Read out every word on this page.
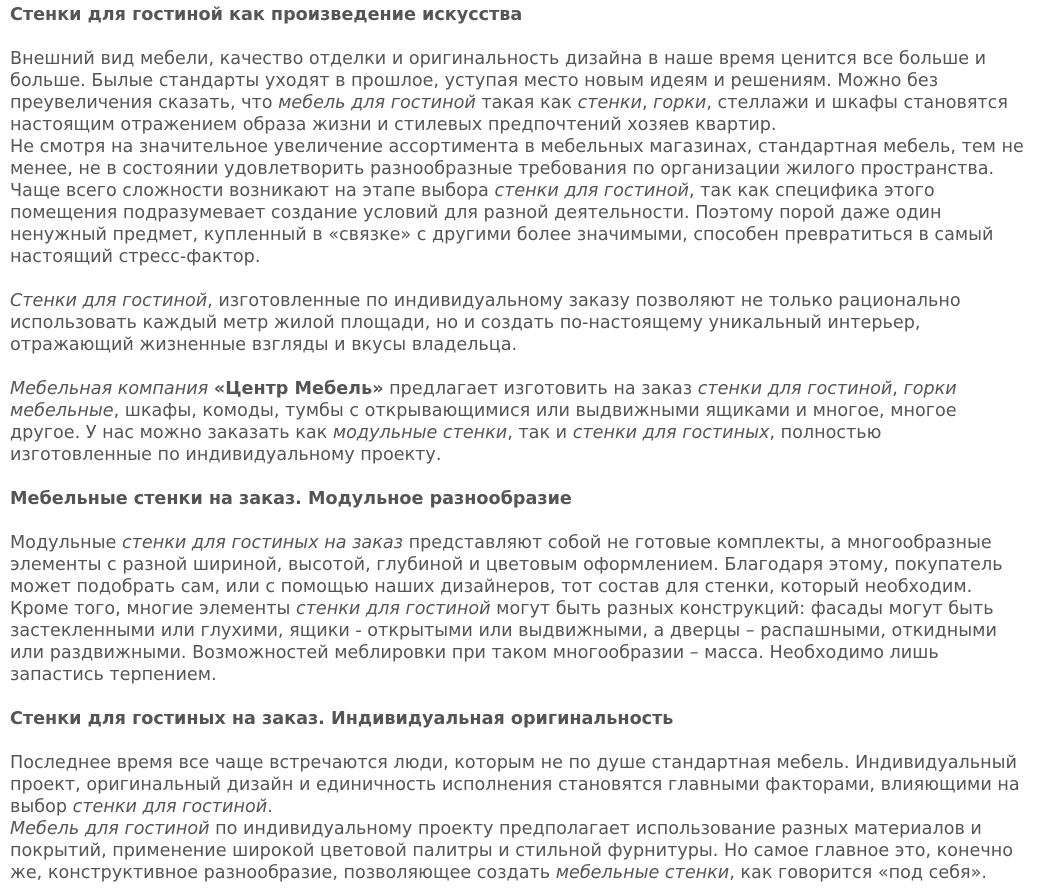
Стенки для гостиной как произведение искусства

Внешний вид мебели, качество отделки и оригинальность дизайна в наше время ценится все больше и больше. Былые стандарты уходят в прошлое, уступая место новым идеям и решениям. Можно без преувеличения сказать, что мебель для гостиной такая как стенки, горки, стеллажи и шкафы становятся настоящим отражением образа жизни и стилевых предпочтений хозяев квартир.

Не смотря на значительное увеличение ассортимента в мебельных магазинах, стандартная мебель, тем не менее, не в состоянии удовлетворить разнообразные требования по организации жилого пространства. Чаще всего сложности возникают на этапе выбора стенки для гостиной, так как специфика этого помещения подразумевает создание условий для разной деятельности. Поэтому порой даже один ненужный предмет, купленный в «связке» с другими более значимыми, способен превратиться в самый настоящий стресс-фактор.

Стенки для гостиной, изготовленные по индивидуальному заказу позволяют не только рационально использовать каждый метр жилой площади, но и создать по-настоящему уникальный интерьер, отражающий жизненные взгляды и вкусы владельца.

Мебельная компания «Центр Мебель» предлагает изготовить на заказ стенки для гостиной, горки мебельные, шкафы, комоды, тумбы с открывающимися или выдвижными ящиками и многое, многое другое. У нас можно заказать как модульные стенки, так и стенки для гостиных, полностью изготовленные по индивидуальному проекту.

Мебельные стенки на заказ. Модульное разнообразие

Модульные стенки для гостиных на заказ представляют собой не готовые комплекты, а многообразные элементы с разной шириной, высотой, глубиной и цветовым оформлением. Благодаря этому, покупатель может подобрать сам, или с помощью наших дизайнеров, тот состав для стенки, который необходим. Кроме того, многие элементы стенки для гостиной могут быть разных конструкций: фасады могут быть застекленными или глухими, ящики - открытыми или выдвижными, а дверцы – распашными, откидными или раздвижными. Возможностей меблировки при таком многообразии – масса. Необходимо лишь запастись терпением.

Стенки для гостиных на заказ. Индивидуальная оригинальность

Последнее время все чаще встречаются люди, которым не по душе стандартная мебель. Индивидуальный проект, оригинальный дизайн и единичность исполнения становятся главными факторами, влияющими на выбор стенки для гостиной.

Мебель для гостиной по индивидуальному проекту предполагает использование разных материалов и покрытий, применение широкой цветовой палитры и стильной фурнитуры. Но самое главное это, конечно же, конструктивное разнообразие, позволяющее создать мебельные стенки, как говорится «под себя».
